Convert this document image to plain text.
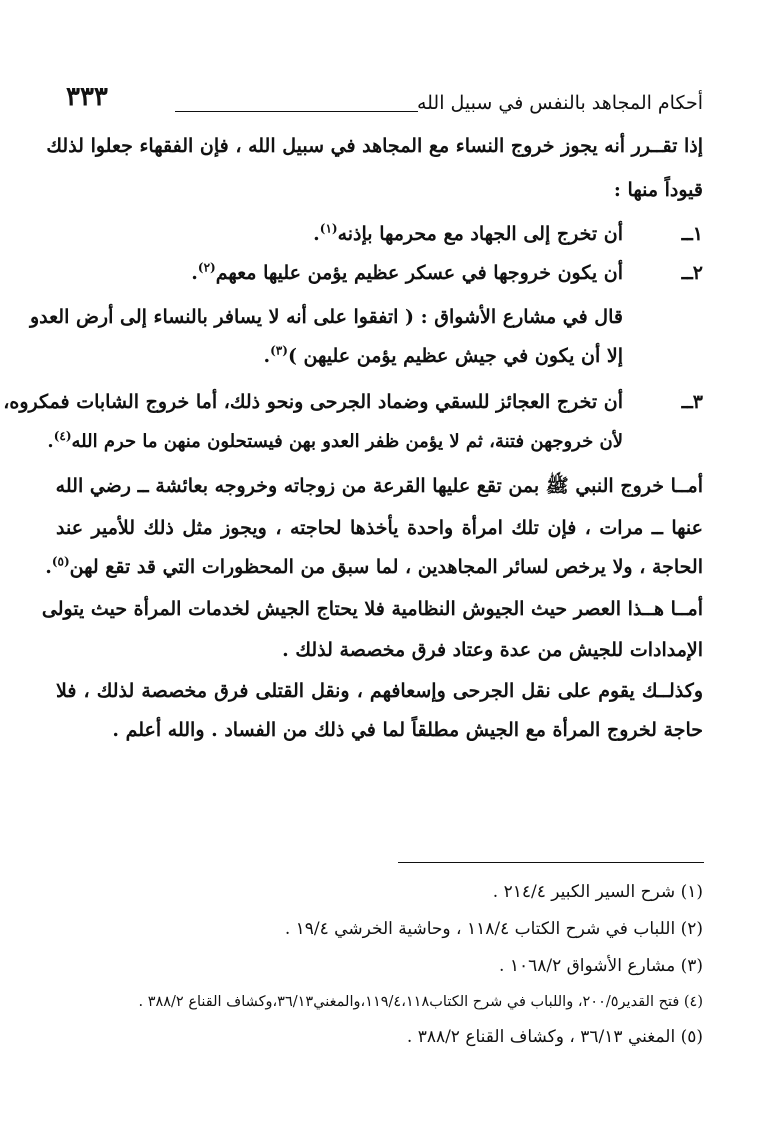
أحكام المجاهد بالنفس في سبيل الله
٣٣٣
إذا تقــرر أنه يجوز خروج النساء مع المجاهد في سبيل الله ، فإن الفقهاء جعلوا لذلك
قيوداً منها :
١ــ
أن تخرج إلى الجهاد مع محرمها بإذنه$^{(١)}$.
٢ــ
أن يكون خروجها في عسكر عظيم يؤمن عليها معهم$^{(٢)}$.
قال في مشارع الأشواق : ( اتفقوا على أنه لا يسافر بالنساء إلى أرض العدو
إلا أن يكون في جيش عظيم يؤمن عليهن )$^{(٣)}$.
٣ــ
أن تخرج العجائز للسقي وضماد الجرحى ونحو ذلك، أما خروج الشابات فمكروه،
لأن خروجهن فتنة، ثم لا يؤمن ظفر العدو بهن فيستحلون منهن ما حرم الله$^{(٤)}$.
أمــا خروج النبي ﷺ بمن تقع عليها القرعة من زوجاته وخروجه بعائشة ــ رضي الله
عنها ــ مرات ، فإن تلك امرأة واحدة يأخذها لحاجته ، ويجوز مثل ذلك للأمير عند
الحاجة ، ولا يرخص لسائر المجاهدين ، لما سبق من المحظورات التي قد تقع لهن$^{(٥)}$.
أمــا هــذا العصر حيث الجيوش النظامية فلا يحتاج الجيش لخدمات المرأة حيث يتولى
الإمدادات للجيش من عدة وعتاد فرق مخصصة لذلك .
وكذلــك يقوم على نقل الجرحى وإسعافهم ، ونقل القتلى فرق مخصصة لذلك ، فلا
حاجة لخروج المرأة مع الجيش مطلقاً لما في ذلك من الفساد . والله أعلم .
(١) شرح السير الكبير ٢١٤/٤ .
(٢) اللباب في شرح الكتاب ١١٨/٤ ، وحاشية الخرشي ١٩/٤ .
(٣) مشارع الأشواق ١٠٦٨/٢ .
(٤) فتح القدير٢٠٠/٥، واللباب في شرح الكتاب١١٩/٤،١١٨،والمغني٣٦/١٣،وكشاف القناع ٣٨٨/٢ .
(٥) المغني ٣٦/١٣ ، وكشاف القناع ٣٨٨/٢ .
